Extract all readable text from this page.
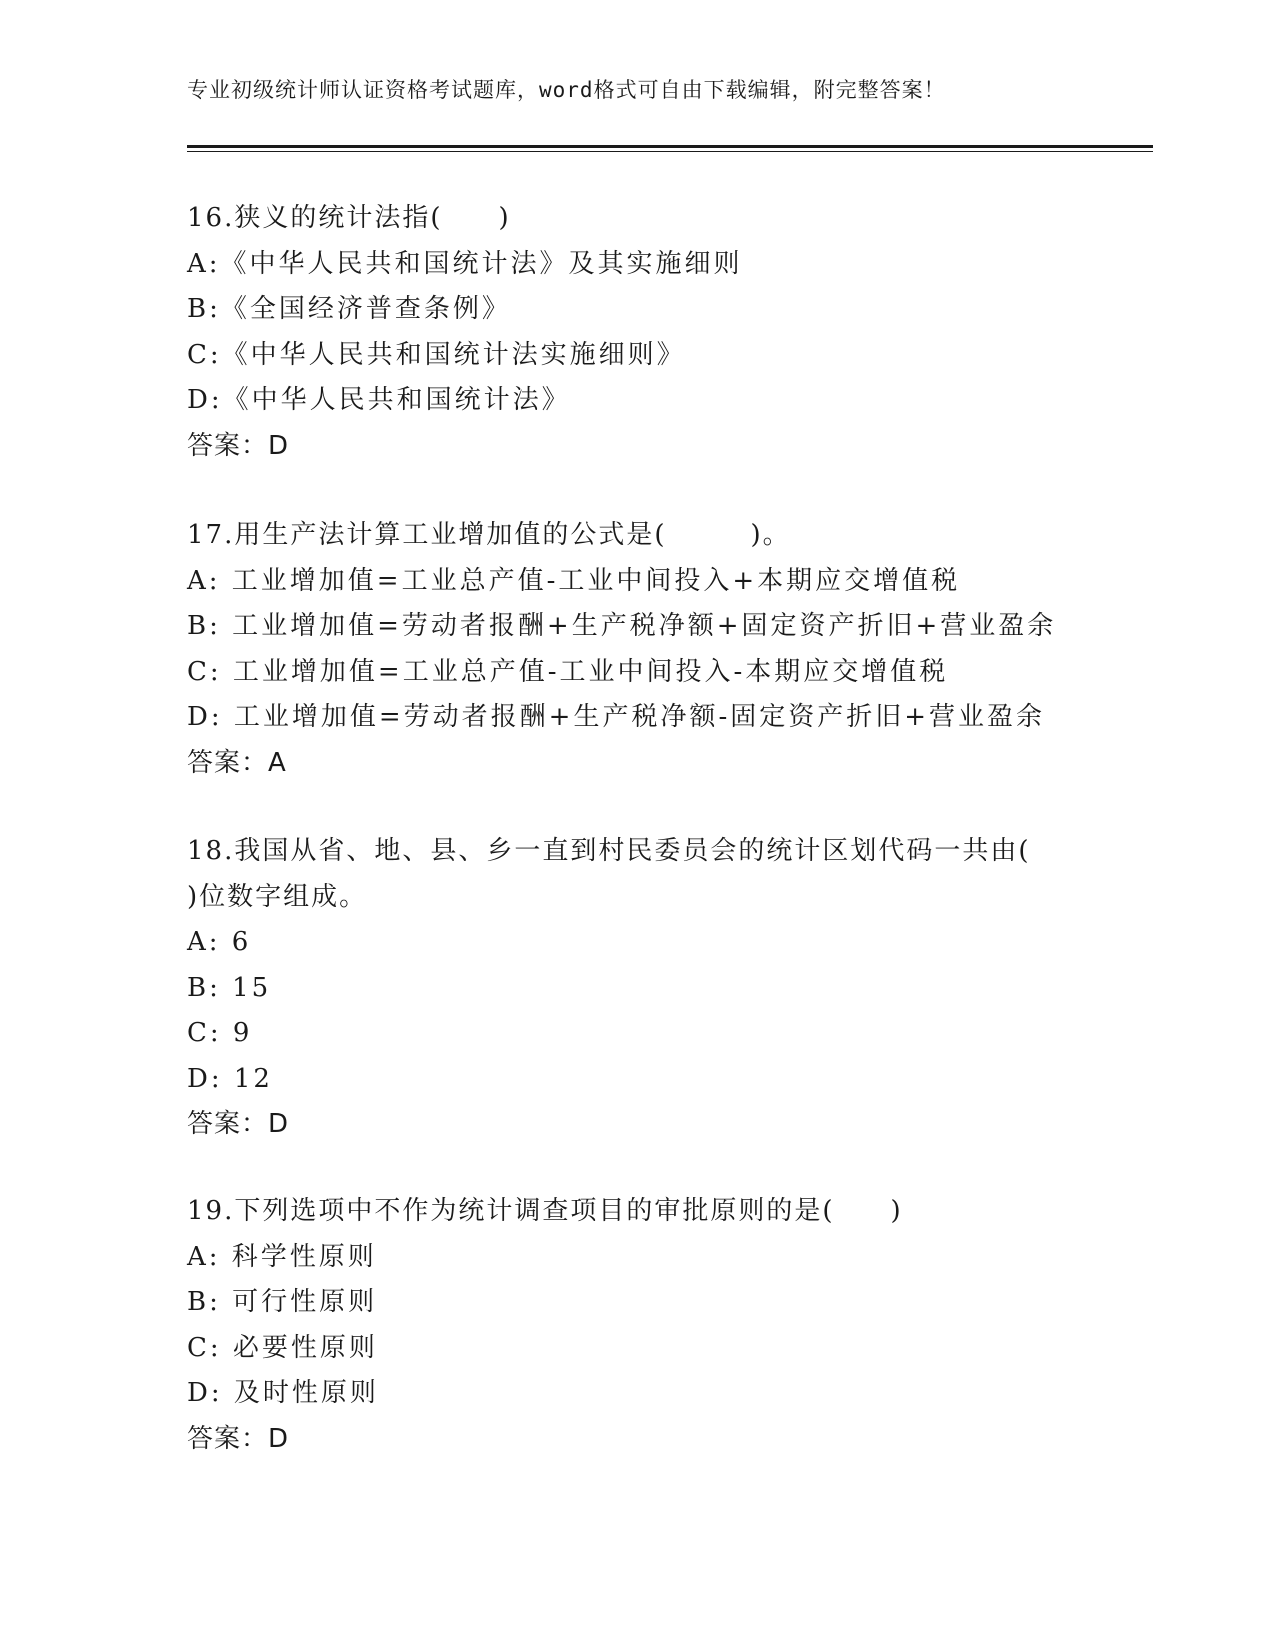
专业初级统计师认证资格考试题库，word格式可自由下载编辑，附完整答案！
16.狭义的统计法指(　　)
A:《中华人民共和国统计法》及其实施细则
B:《全国经济普查条例》
C:《中华人民共和国统计法实施细则》
D:《中华人民共和国统计法》
答案：D
17.用生产法计算工业增加值的公式是(　　　)。
A: 工业增加值=工业总产值-工业中间投入+本期应交增值税
B: 工业增加值=劳动者报酬+生产税净额+固定资产折旧+营业盈余
C: 工业增加值=工业总产值-工业中间投入-本期应交增值税
D: 工业增加值=劳动者报酬+生产税净额-固定资产折旧+营业盈余
答案：A
18.我国从省、地、县、乡一直到村民委员会的统计区划代码一共由(
)位数字组成。
A: 6
B: 15
C: 9
D: 12
答案：D
19.下列选项中不作为统计调查项目的审批原则的是(　　)
A: 科学性原则
B: 可行性原则
C: 必要性原则
D: 及时性原则
答案：D
